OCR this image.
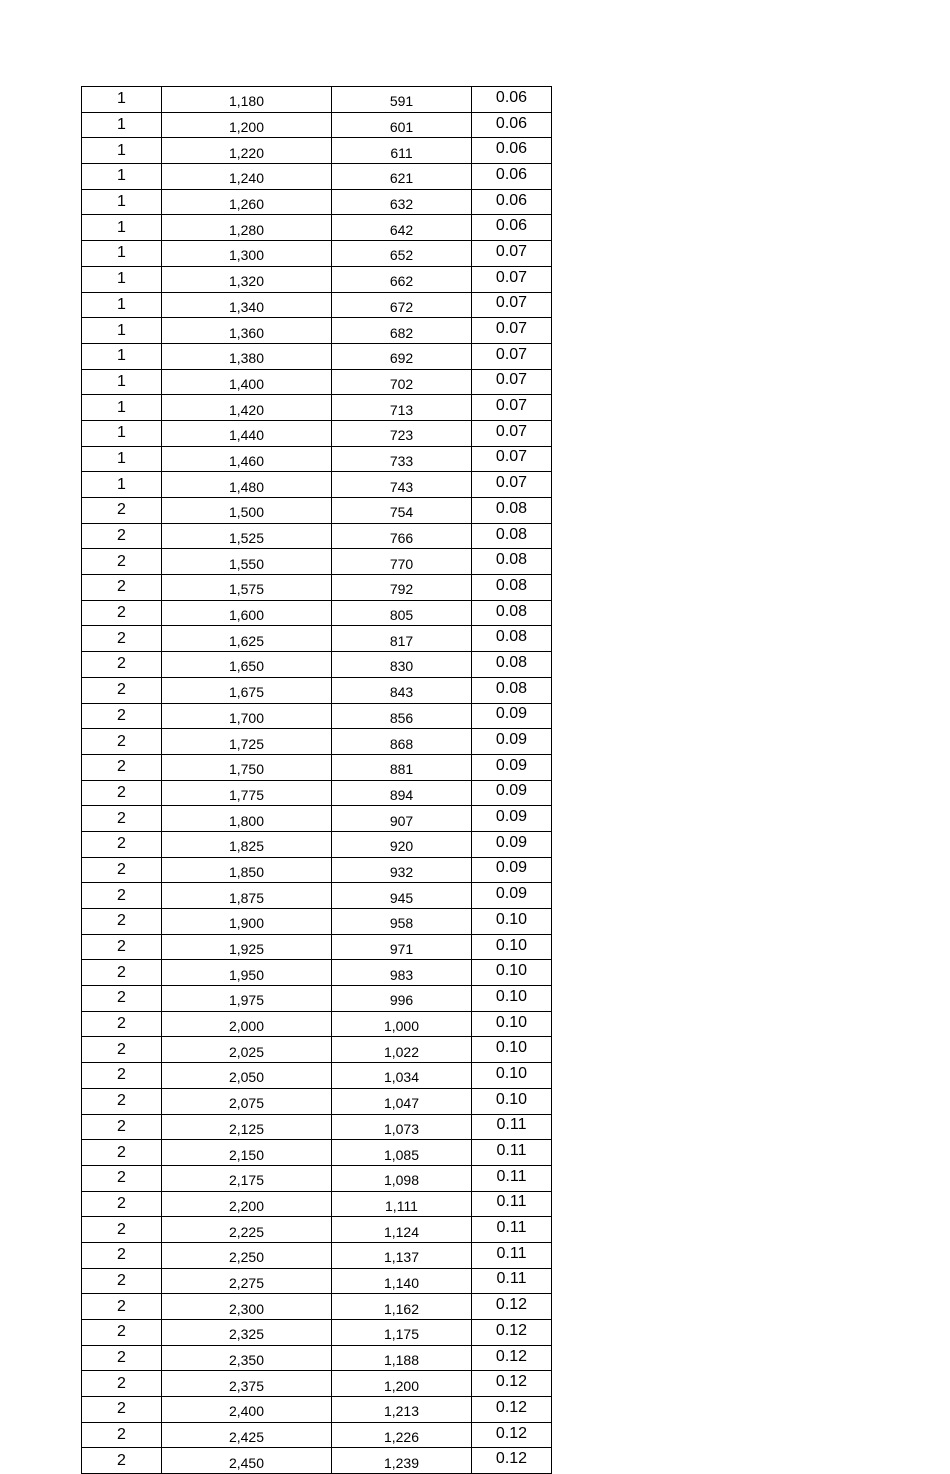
1	1,180	591	0.06
1	1,200	601	0.06
1	1,220	611	0.06
1	1,240	621	0.06
1	1,260	632	0.06
1	1,280	642	0.06
1	1,300	652	0.07
1	1,320	662	0.07
1	1,340	672	0.07
1	1,360	682	0.07
1	1,380	692	0.07
1	1,400	702	0.07
1	1,420	713	0.07
1	1,440	723	0.07
1	1,460	733	0.07
1	1,480	743	0.07
2	1,500	754	0.08
2	1,525	766	0.08
2	1,550	770	0.08
2	1,575	792	0.08
2	1,600	805	0.08
2	1,625	817	0.08
2	1,650	830	0.08
2	1,675	843	0.08
2	1,700	856	0.09
2	1,725	868	0.09
2	1,750	881	0.09
2	1,775	894	0.09
2	1,800	907	0.09
2	1,825	920	0.09
2	1,850	932	0.09
2	1,875	945	0.09
2	1,900	958	0.10
2	1,925	971	0.10
2	1,950	983	0.10
2	1,975	996	0.10
2	2,000	1,000	0.10
2	2,025	1,022	0.10
2	2,050	1,034	0.10
2	2,075	1,047	0.10
2	2,125	1,073	0.11
2	2,150	1,085	0.11
2	2,175	1,098	0.11
2	2,200	1,111	0.11
2	2,225	1,124	0.11
2	2,250	1,137	0.11
2	2,275	1,140	0.11
2	2,300	1,162	0.12
2	2,325	1,175	0.12
2	2,350	1,188	0.12
2	2,375	1,200	0.12
2	2,400	1,213	0.12
2	2,425	1,226	0.12
2	2,450	1,239	0.12
